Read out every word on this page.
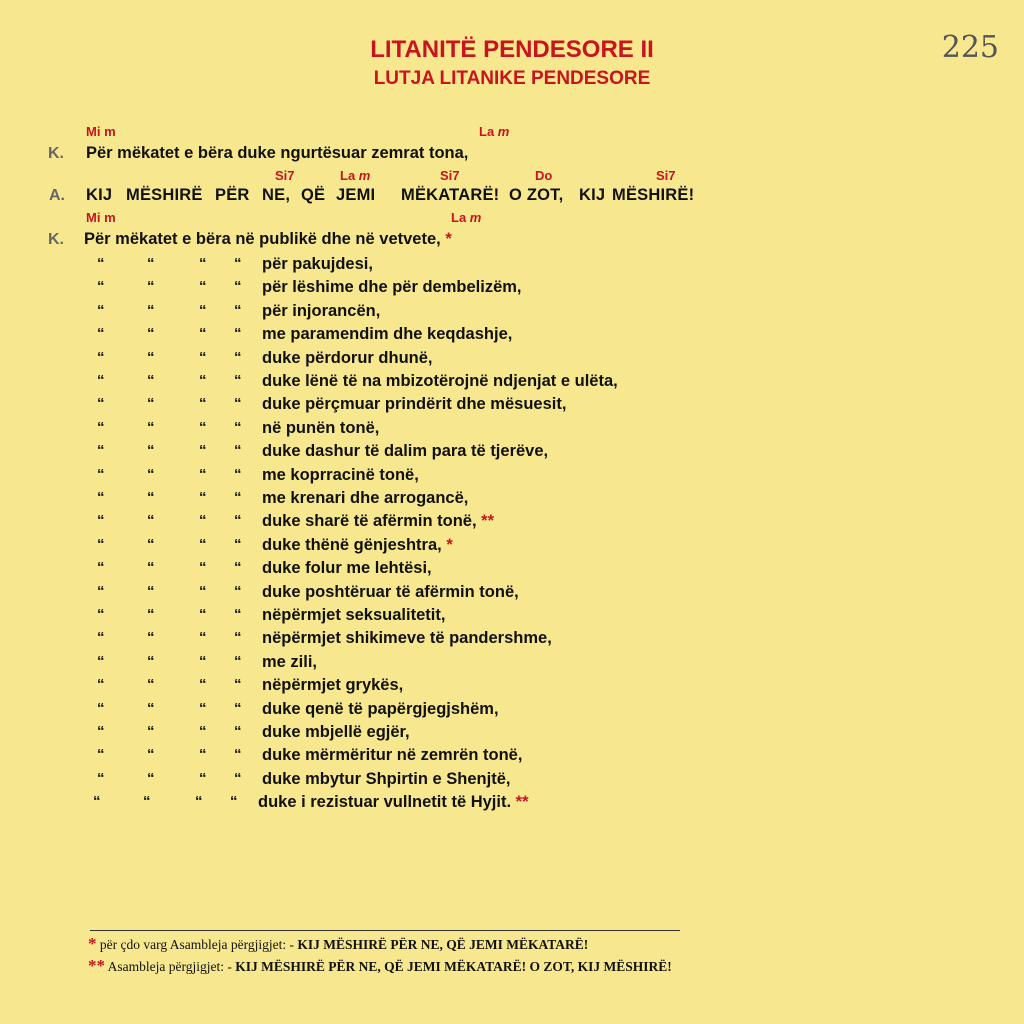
LITANITË PENDESORE II
LUTJA LITANIKE PENDESORE
225
Mi m	La m
K. Për mëkatet e bëra duke ngurtësuar zemrat tona,
Si7	La m	Si7	Do	Si7
A. KIJ MËSHIRË PËR NE, QË JEMI MËKATARË! O ZOT, KIJ MËSHIRË!
Mi m	La m
K. Për mëkatet e bëra në publikë dhe në vetvete, *
“	“	“ “ për pakujdesi,
“	“	“ “ për lëshime dhe për dembelizëm,
“	“	“ “ për injorancën,
“	“	“ “ me paramendim dhe keqdashje,
“	“	“ “ duke përdorur dhunë,
“	“	“ “ duke lënë të na mbizotërojnë ndjenjat e ulëta,
“	“	“ “ duke përçmuar prindërit dhe mësuesit,
“	“	“ “ në punën tonë,
“	“	“ “ duke dashur të dalim para të tjerëve,
“	“	“ “ me koprracinë tonë,
“	“	“ “ me krenari dhe arrogancë,
“	“	“ “ duke sharë të afërmin tonë, **
“	“	“ “ duke thënë gënjeshtra, *
“	“	“ “ duke folur me lehtësi,
“	“	“ “ duke poshtëruar të afërmin tonë,
“	“	“ “ nëpërmjet seksualitetit,
“	“	“ “ nëpërmjet shikimeve të pandershme,
“	“	“ “ me zili,
“	“	“ “ nëpërmjet grykës,
“	“	“ “ duke qenë të papërgjegjshëm,
“	“	“ “ duke mbjellë egjër,
“	“	“ “ duke mërmëritur në zemrën tonë,
“	“	“ “ duke mbytur Shpirtin e Shenjtë,
“	“	“ “ duke i rezistuar vullnetit të Hyjit. **
* për çdo varg Asambleja përgjigjet: - KIJ MËSHIRË PËR NE, QË JEMI MËKATARË!
** Asambleja përgjigjet: - KIJ MËSHIRË PËR NE, QË JEMI MËKATARË! O ZOT, KIJ MËSHIRË!
